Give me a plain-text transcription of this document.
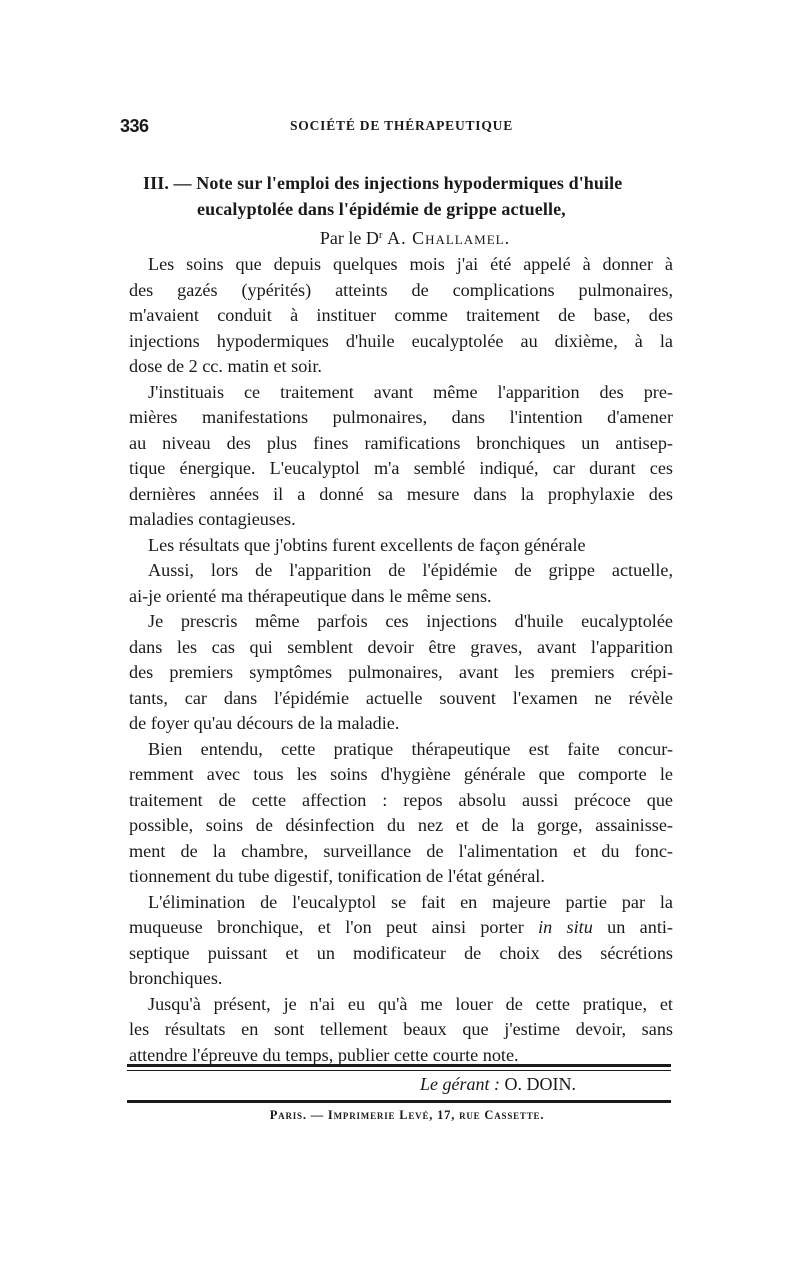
336	SOCIÉTÉ DE THÉRAPEUTIQUE
III. — Note sur l'emploi des injections hypodermiques d'huile
eucalyptolée dans l'épidémie de grippe actuelle,
Par le $D^r$ A. Challamel.

Les soins que depuis quelques mois j'ai été appelé à donner à
des gazés (ypérités) atteints de complications pulmonaires,
m'avaient conduit à instituer comme traitement de base, des
injections hypodermiques d'huile eucalyptolée au dixième, à la
dose de 2 cc. matin et soir.

J'instituais ce traitement avant même l'apparition des pre-
mières manifestations pulmonaires, dans l'intention d'amener
au niveau des plus fines ramifications bronchiques un antisep-
tique énergique. L'eucalyptol m'a semblé indiqué, car durant ces
dernières années il a donné sa mesure dans la prophylaxie des
maladies contagieuses.

Les résultats que j'obtins furent excellents de façon générale

Aussi, lors de l'apparition de l'épidémie de grippe actuelle,
ai-je orienté ma thérapeutique dans le même sens.

Je prescris même parfois ces injections d'huile eucalyptolée
dans les cas qui semblent devoir être graves, avant l'apparition
des premiers symptômes pulmonaires, avant les premiers crépi-
tants, car dans l'épidémie actuelle souvent l'examen ne révèle
de foyer qu'au décours de la maladie.

Bien entendu, cette pratique thérapeutique est faite concur-
remment avec tous les soins d'hygiène générale que comporte le
traitement de cette affection : repos absolu aussi précoce que
possible, soins de désinfection du nez et de la gorge, assainisse-
ment de la chambre, surveillance de l'alimentation et du fonc-
tionnement du tube digestif, tonification de l'état général.

L'élimination de l'eucalyptol se fait en majeure partie par la
muqueuse bronchique, et l'on peut ainsi porter in situ un anti-
septique puissant et un modificateur de choix des sécrétions
bronchiques.

Jusqu'à présent, je n'ai eu qu'à me louer de cette pratique, et
les résultats en sont tellement beaux que j'estime devoir, sans
attendre l'épreuve du temps, publier cette courte note.

Le gérant : O. DOIN.
Paris. — Imprimerie Levé, 17, rue Cassette.
